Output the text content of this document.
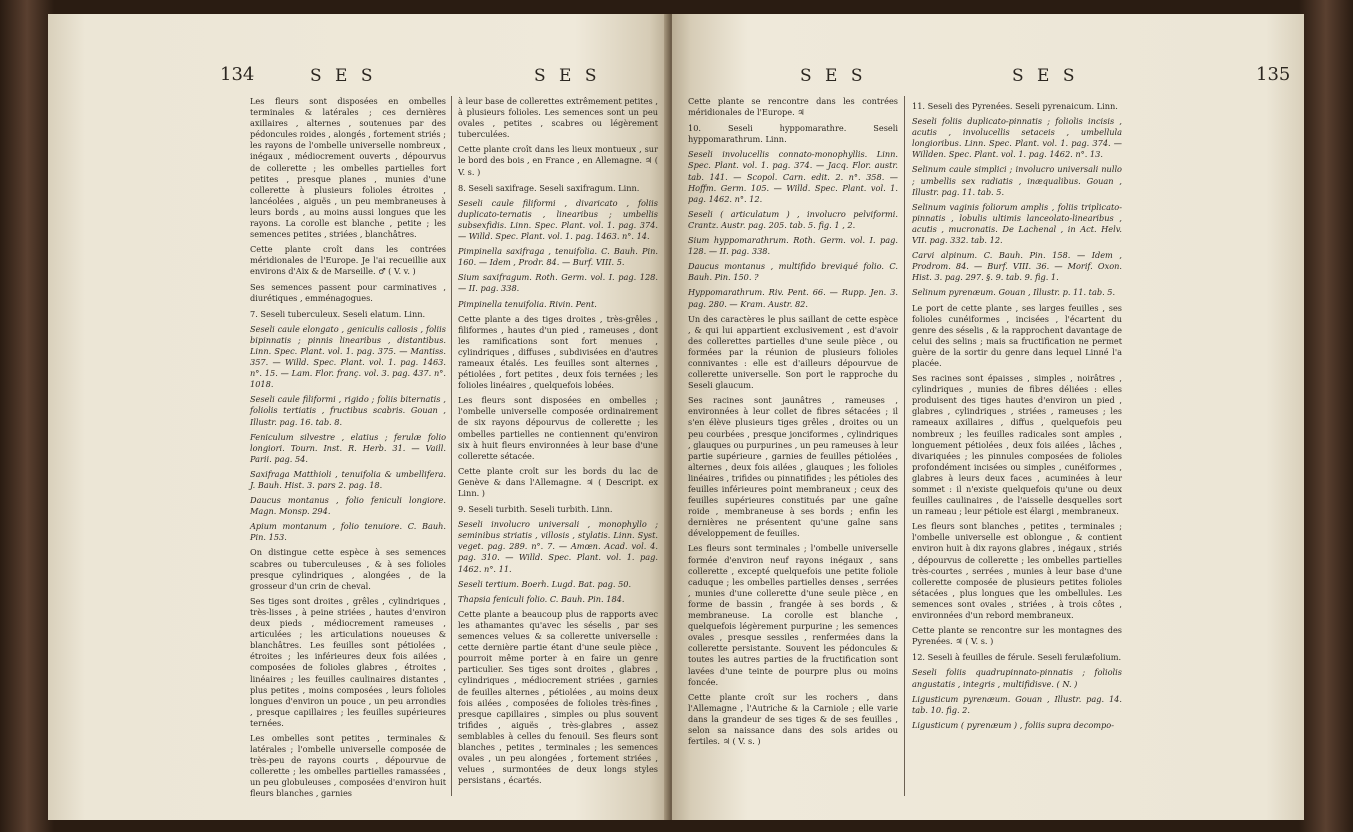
134	S E S	S E S

Les fleurs sont disposées en ombelles terminales & latérales ; ces dernières axillaires , alternes , soutenues par des pédoncules roides , alongés , fortement striés ; les rayons de l'ombelle universelle nombreux , inégaux , médiocrement ouverts , dépourvus de collerette ; les ombelles partielles fort petites , presque planes , munies d'une collerette à plusieurs folioles étroites , lancéolées , aiguës , un peu membraneuses à leurs bords , au moins aussi longues que les rayons. La corolle est blanche , petite ; les semences petites , striées , blanchâtres.

Cette plante croît dans les contrées méridionales de l'Europe. Je l'ai recueillie aux environs d'Aix & de Marseille. ♂ ( V. v. )

Ses semences passent pour carminatives , diurétiques , emménagogues.

7. Seseli tuberculeux. Seseli elatum. Linn.

Seseli caule elongato , geniculis callosis , foliis bipinnatis ; pinnis linearibus , distantibus. Linn. Spec. Plant. vol. 1. pag. 375. — Mantiss. 357. — Willd. Spec. Plant. vol. 1. pag. 1463. n°. 15. — Lam. Flor. franç. vol. 3. pag. 437. n°. 1018.

Seseli caule filiformi , rigido ; foliis biternatis , foliolis tertiatis , fructibus scabris. Gouan , Illustr. pag. 16. tab. 8.

Feniculum silvestre , elatius ; ferulæ folio longiori. Tourn. Inst. R. Herb. 31. — Vaill. Parii. pag. 54.

Saxifraga Matthioli , tenuifolia & umbellifera. J. Bauh. Hist. 3. pars 2. pag. 18.

Daucus montanus , folio feniculi longiore. Magn. Monsp. 294.

Apium montanum , folio tenuiore. C. Bauh. Pin. 153.

On distingue cette espèce à ses semences scabres ou tuberculeuses , & à ses folioles presque cylindriques , alongées , de la grosseur d'un crin de cheval.

Ses tiges sont droites , grêles , cylindriques , très-lisses , à peine striées , hautes d'environ deux pieds , médiocrement rameuses , articulées ; les articulations noueuses & blanchâtres. Les feuilles sont pétiolées , étroites ; les inférieures deux fois ailées , composées de folioles glabres , étroites , linéaires ; les feuilles caulinaires distantes , plus petites , moins composées , leurs folioles longues d'environ un pouce , un peu arrondies , presque capillaires ; les feuilles supérieures ternées.

Les ombelles sont petites , terminales & latérales ; l'ombelle universelle composée de très-peu de rayons courts , dépourvue de collerette ; les ombelles partielles ramassées , un peu globuleuses , composées d'environ huit fleurs blanches , garnies

à leur base de collerettes extrêmement petites , à plusieurs folioles. Les semences sont un peu ovales , petites , scabres ou légèrement tuberculées.

Cette plante croît dans les lieux montueux , sur le bord des bois , en France , en Allemagne. ♃ ( V. s. )

8. Seseli saxifrage. Seseli saxifragum. Linn.

Seseli caule filiformi , divaricato , foliis duplicato-ternatis , linearibus ; umbellis subsexfidis. Linn. Spec. Plant. vol. 1. pag. 374. — Willd. Spec. Plant. vol. 1. pag. 1463. n°. 14.

Pimpinella saxifraga , tenuifolia. C. Bauh. Pin. 160. — Idem , Prodr. 84. — Burf. VIII. 5.

Sium saxifragum. Roth. Germ. vol. I. pag. 128. — II. pag. 338.

Pimpinella tenuifolia. Rivin. Pent.

Cette plante a des tiges droites , très-grêles , filiformes , hautes d'un pied , rameuses , dont les ramifications sont fort menues , cylindriques , diffuses , subdivisées en d'autres rameaux étalés. Les feuilles sont alternes , pétiolées , fort petites , deux fois ternées ; les folioles linéaires , quelquefois lobées.

Les fleurs sont disposées en ombelles ; l'ombelle universelle composée ordinairement de six rayons dépourvus de collerette ; les ombelles partielles ne contiennent qu'environ six à huit fleurs environnées à leur base d'une collerette sétacée.

Cette plante croît sur les bords du lac de Genève & dans l'Allemagne. ♃ ( Descript. ex Linn. )

9. Seseli turbith. Seseli turbith. Linn.

Seseli involucro universali , monophyllo ; seminibus striatis , villosis , stylatis. Linn. Syst. veget. pag. 289. n°. 7. — Amœn. Acad. vol. 4. pag. 310. — Willd. Spec. Plant. vol. 1. pag. 1462. n°. 11.

Seseli tertium. Boerh. Lugd. Bat. pag. 50.

Thapsia feniculi folio. C. Bauh. Pin. 184.

Cette plante a beaucoup plus de rapports avec les athamantes qu'avec les séselis , par ses semences velues & sa collerette universelle : cette dernière partie étant d'une seule pièce , pourroit même porter à en faire un genre particulier. Ses tiges sont droites , glabres , cylindriques , médiocrement striées , garnies de feuilles alternes , pétiolées , au moins deux fois ailées , composées de folioles très-fines , presque capillaires , simples ou plus souvent trifides , aiguës , très-glabres , assez semblables à celles du fenouil. Ses fleurs sont blanches , petites , terminales ; les semences ovales , un peu alongées , fortement striées , velues , surmontées de deux longs styles persistans , écartés.

S E S	S E S	135

Cette plante se rencontre dans les contrées méridionales de l'Europe. ♃

10. Seseli hyppomarathre. Seseli hyppomarathrum. Linn.

Seseli involucellis connato-monophyllis. Linn. Spec. Plant. vol. 1. pag. 374. — Jacq. Flor. austr. tab. 141. — Scopol. Carn. edit. 2. n°. 358. — Hoffm. Germ. 105. — Willd. Spec. Plant. vol. 1. pag. 1462. n°. 12.

Seseli ( articulatum ) , involucro pelviformi. Crantz. Austr. pag. 205. tab. 5. fig. 1 , 2.

Sium hyppomarathrum. Roth. Germ. vol. I. pag. 128. — II. pag. 338.

Daucus montanus , multifido breviqué folio. C. Bauh. Pin. 150. ?

Hyppomarathrum. Riv. Pent. 66. — Rupp. Jen. 3. pag. 280. — Kram. Austr. 82.

Un des caractères le plus saillant de cette espèce , & qui lui appartient exclusivement , est d'avoir des collerettes partielles d'une seule pièce , ou formées par la réunion de plusieurs folioles connivantes : elle est d'ailleurs dépourvue de collerette universelle. Son port le rapproche du Seseli glaucum.

Ses racines sont jaunâtres , rameuses , environnées à leur collet de fibres sétacées ; il s'en élève plusieurs tiges grêles , droites ou un peu courbées , presque jonciformes , cylindriques , glauques ou purpurines , un peu rameuses à leur partie supérieure , garnies de feuilles pétiolées , alternes , deux fois ailées , glauques ; les folioles linéaires , trifides ou pinnatifides ; les pétioles des feuilles inférieures point membraneux ; ceux des feuilles supérieures constitués par une gaîne roide , membraneuse à ses bords ; enfin les dernières ne présentent qu'une gaîne sans développement de feuilles.

Les fleurs sont terminales ; l'ombelle universelle formée d'environ neuf rayons inégaux , sans collerette , excepté quelquefois une petite foliole caduque ; les ombelles partielles denses , serrées , munies d'une collerette d'une seule pièce , en forme de bassin , frangée à ses bords , & membraneuse. La corolle est blanche , quelquefois légèrement purpurine ; les semences ovales , presque sessiles , renfermées dans la collerette persistante. Souvent les pédoncules & toutes les autres parties de la fructification sont lavées d'une teinte de pourpre plus ou moins foncée.

Cette plante croît sur les rochers , dans l'Allemagne , l'Autriche & la Carniole ; elle varie dans la grandeur de ses tiges & de ses feuilles , selon sa naissance dans des sols arides ou fertiles. ♃ ( V. s. )

11. Seseli des Pyrenées. Seseli pyrenaicum. Linn.

Seseli foliis duplicato-pinnatis ; foliolis incisis , acutis , involucellis setaceis , umbellula longioribus. Linn. Spec. Plant. vol. 1. pag. 374. — Willden. Spec. Plant. vol. 1. pag. 1462. n°. 13.

Selinum caule simplici ; involucro universali nullo ; umbellis sex radiatis , inæqualibus. Gouan , Illustr. pag. 11. tab. 5.

Selinum vaginis foliorum amplis , foliis triplicato-pinnatis , lobulis ultimis lanceolato-linearibus , acutis , mucronatis. De Lachenal , in Act. Helv. VII. pag. 332. tab. 12.

Carvi alpinum. C. Bauh. Pin. 158. — Idem , Prodrom. 84. — Burf. VIII. 36. — Morif. Oxon. Hist. 3. pag. 297. §. 9. tab. 9. fig. 1.

Selinum pyrenæum. Gouan , Illustr. p. 11. tab. 5.

Le port de cette plante , ses larges feuilles , ses folioles cunéiformes , incisées , l'écartent du genre des séselis , & la rapprochent davantage de celui des selins ; mais sa fructification ne permet guère de la sortir du genre dans lequel Linné l'a placée.

Ses racines sont épaisses , simples , noirâtres , cylindriques , munies de fibres déliées : elles produisent des tiges hautes d'environ un pied , glabres , cylindriques , striées , rameuses ; les rameaux axillaires , diffus , quelquefois peu nombreux ; les feuilles radicales sont amples , longuement pétiolées , deux fois ailées , lâches , divariquées ; les pinnules composées de folioles profondément incisées ou simples , cunéiformes , glabres à leurs deux faces , acuminées à leur sommet : il n'existe quelquefois qu'une ou deux feuilles caulinaires , de l'aisselle desquelles sort un rameau ; leur pétiole est élargi , membraneux.

Les fleurs sont blanches , petites , terminales ; l'ombelle universelle est oblongue , & contient environ huit à dix rayons glabres , inégaux , striés , dépourvus de collerette ; les ombelles partielles très-courtes , serrées , munies à leur base d'une collerette composée de plusieurs petites folioles sétacées , plus longues que les ombellules. Les semences sont ovales , striées , à trois côtes , environnées d'un rebord membraneux.

Cette plante se rencontre sur les montagnes des Pyrenées. ♃ ( V. s. )

12. Seseli à feuilles de férule. Seseli ferulæfolium.

Seseli foliis quadrupinnato-pinnatis ; foliolis angustatis , integris , multifidisve. ( N. )

Ligusticum pyrenæum. Gouan , Illustr. pag. 14. tab. 10. fig. 2.

Ligusticum ( pyrenæum ) , foliis supra decompo-
